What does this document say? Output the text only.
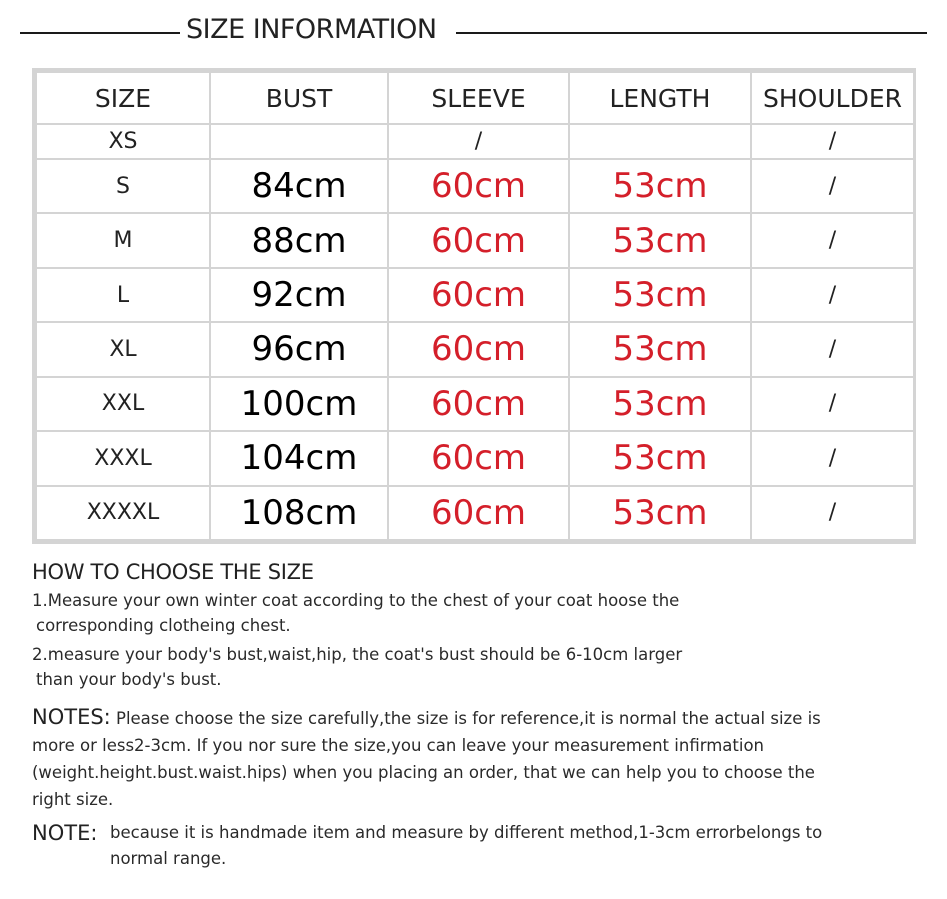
SIZE INFORMATION
SIZE	BUST	SLEEVE	LENGTH	SHOULDER
XS		/		/
S	84cm	60cm	53cm	/
M	88cm	60cm	53cm	/
L	92cm	60cm	53cm	/
XL	96cm	60cm	53cm	/
XXL	100cm	60cm	53cm	/
XXXL	104cm	60cm	53cm	/
XXXXL	108cm	60cm	53cm	/

HOW TO CHOOSE THE SIZE

1.Measure your own winter coat according to the chest of your coat hoose the
corresponding clotheing chest.

2.measure your body's bust,waist,hip, the coat's bust should be 6-10cm larger
than your body's bust.

NOTES: Please choose the size carefully,the size is for reference,it is normal the actual size is
more or less2-3cm. If you nor sure the size,you can leave your measurement infirmation
(weight.height.bust.waist.hips) when you placing an order, that we can help you to choose the
right size.
NOTE: because it is handmade item and measure by different method,1-3cm errorbelongs to
normal range.
